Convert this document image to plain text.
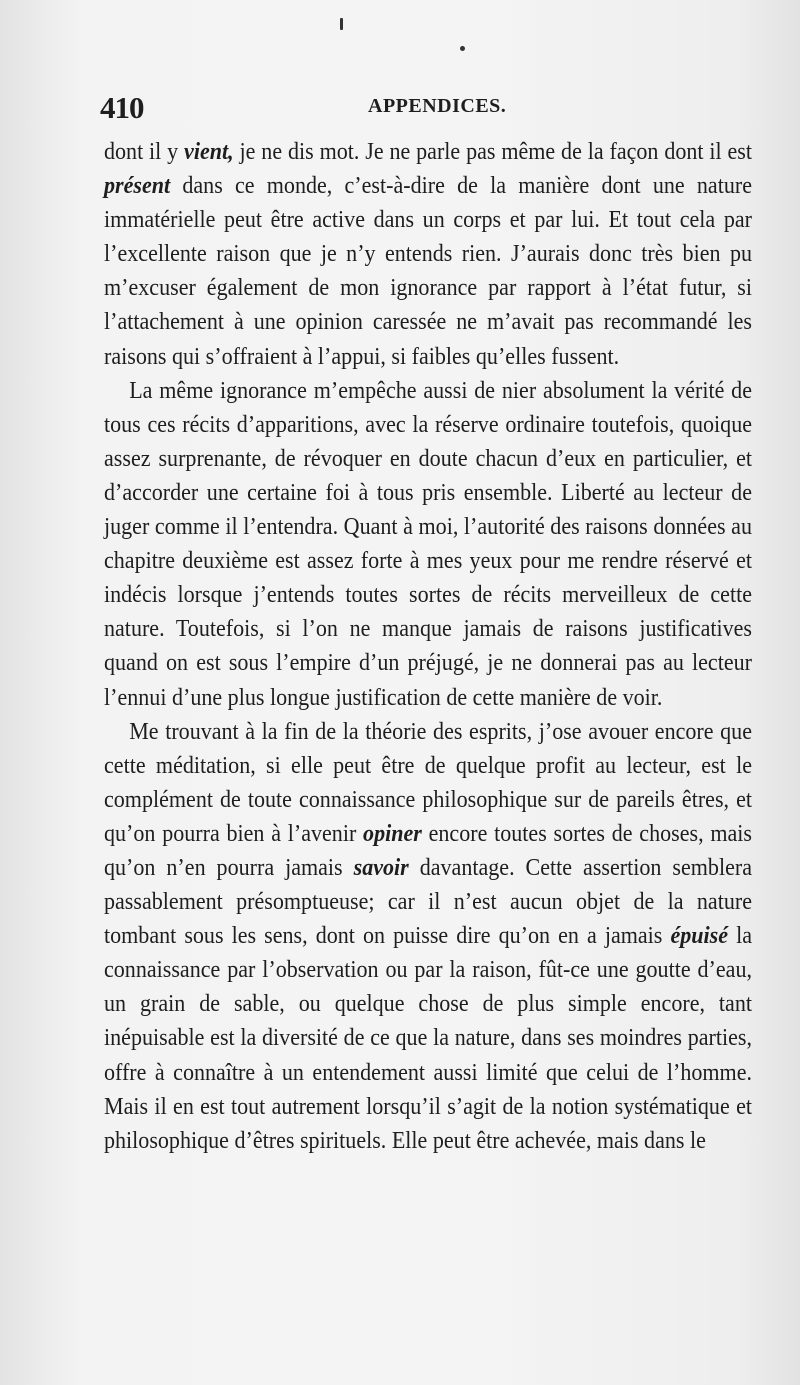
410	APPENDICES.

dont il y vient, je ne dis mot. Je ne parle pas même de la façon dont il est présent dans ce monde, c’est-à-dire de la manière dont une nature immatérielle peut être active dans un corps et par lui. Et tout cela par l’excellente raison que je n’y entends rien. J’aurais donc très bien pu m’excuser également de mon ignorance par rapport à l’état futur, si l’attachement à une opinion caressée ne m’avait pas recommandé les raisons qui s’offraient à l’appui, si faibles qu’elles fussent.

La même ignorance m’empêche aussi de nier absolument la vérité de tous ces récits d’apparitions, avec la réserve ordinaire toutefois, quoique assez surprenante, de révoquer en doute chacun d’eux en particulier, et d’accorder une certaine foi à tous pris ensemble. Liberté au lecteur de juger comme il l’entendra. Quant à moi, l’autorité des raisons données au chapitre deuxième est assez forte à mes yeux pour me rendre réservé et indécis lorsque j’entends toutes sortes de récits merveilleux de cette nature. Toutefois, si l’on ne manque jamais de raisons justificatives quand on est sous l’empire d’un préjugé, je ne donnerai pas au lecteur l’ennui d’une plus longue justification de cette manière de voir.

Me trouvant à la fin de la théorie des esprits, j’ose avouer encore que cette méditation, si elle peut être de quelque profit au lecteur, est le complément de toute connaissance philosophique sur de pareils êtres, et qu’on pourra bien à l’avenir opiner encore toutes sortes de choses, mais qu’on n’en pourra jamais savoir davantage. Cette assertion semblera passablement présomptueuse; car il n’est aucun objet de la nature tombant sous les sens, dont on puisse dire qu’on en a jamais épuisé la connaissance par l’observation ou par la raison, fût-ce une goutte d’eau, un grain de sable, ou quelque chose de plus simple encore, tant inépuisable est la diversité de ce que la nature, dans ses moindres parties, offre à connaître à un entendement aussi limité que celui de l’homme. Mais il en est tout autrement lorsqu’il s’agit de la notion systématique et philosophique d’êtres spirituels. Elle peut être achevée, mais dans le
